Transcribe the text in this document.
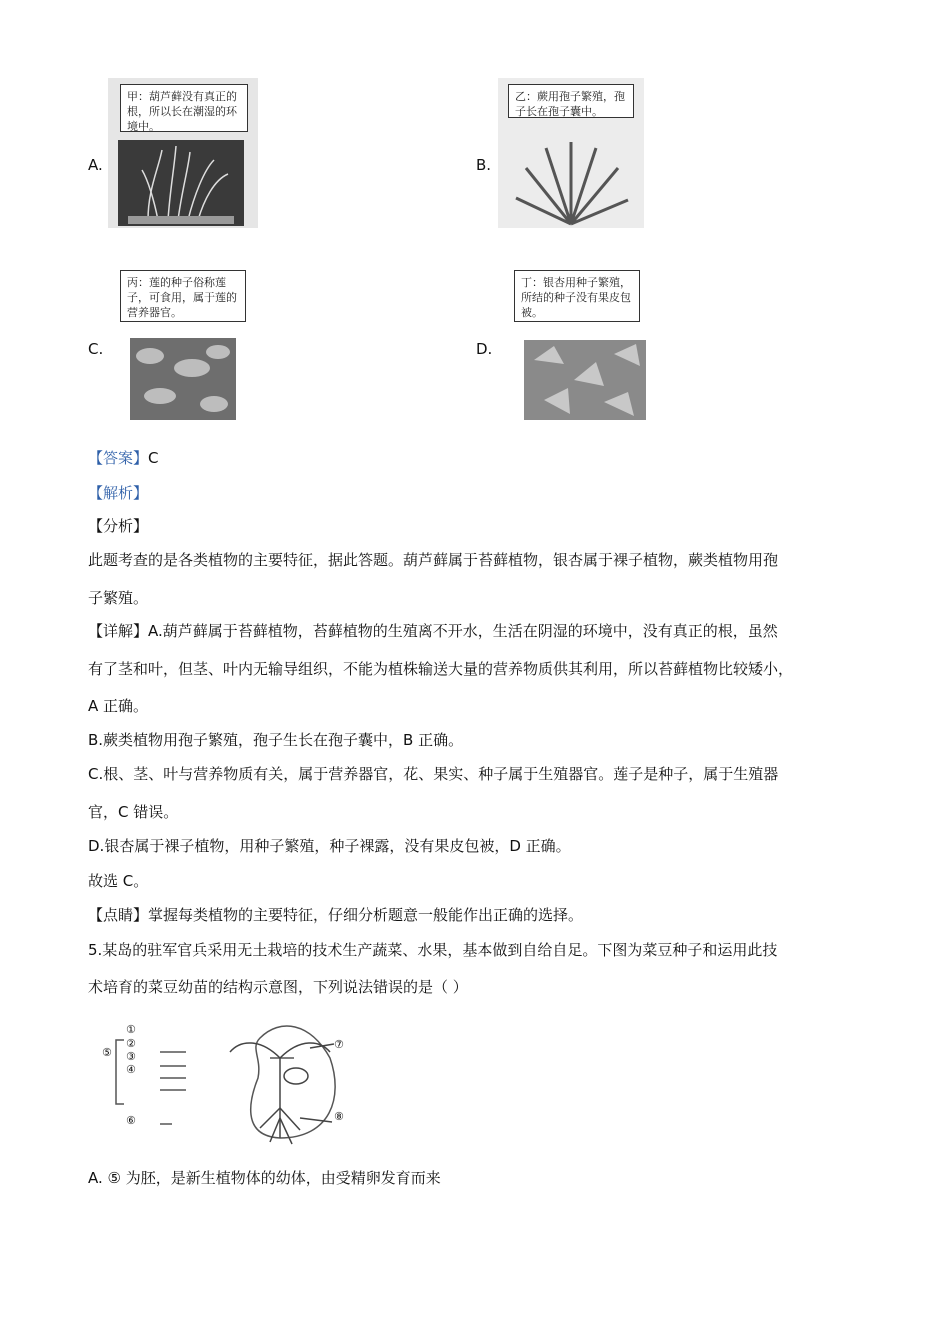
A.
甲：葫芦藓没有真正的根，所以长在潮湿的环境中。
B.
乙：蕨用孢子繁殖，孢子长在孢子囊中。
C.
丙：莲的种子俗称莲子，可食用，属于莲的营养器官。
D.
丁：银杏用种子繁殖，所结的种子没有果皮包被。
【答案】C
【解析】
【分析】
此题考查的是各类植物的主要特征，据此答题。葫芦藓属于苔藓植物，银杏属于裸子植物，蕨类植物用孢
子繁殖。
【详解】A.葫芦藓属于苔藓植物，苔藓植物的生殖离不开水，生活在阴湿的环境中，没有真正的根，虽然
有了茎和叶，但茎、叶内无输导组织，不能为植株输送大量的营养物质供其利用，所以苔藓植物比较矮小，
A 正确。
B.蕨类植物用孢子繁殖，孢子生长在孢子囊中，B 正确。
C.根、茎、叶与营养物质有关，属于营养器官，花、果实、种子属于生殖器官。莲子是种子，属于生殖器
官，C 错误。
D.银杏属于裸子植物，用种子繁殖，种子裸露，没有果皮包被，D 正确。
故选 C。
【点睛】掌握每类植物的主要特征，仔细分析题意一般能作出正确的选择。
5.某岛的驻军官兵采用无土栽培的技术生产蔬菜、水果，基本做到自给自足。下图为菜豆种子和运用此技
术培育的菜豆幼苗的结构示意图，下列说法错误的是（ ）
①
②
③
④
⑤
⑥
⑦
⑧
A. ⑤ 为胚，是新生植物体的幼体，由受精卵发育而来
